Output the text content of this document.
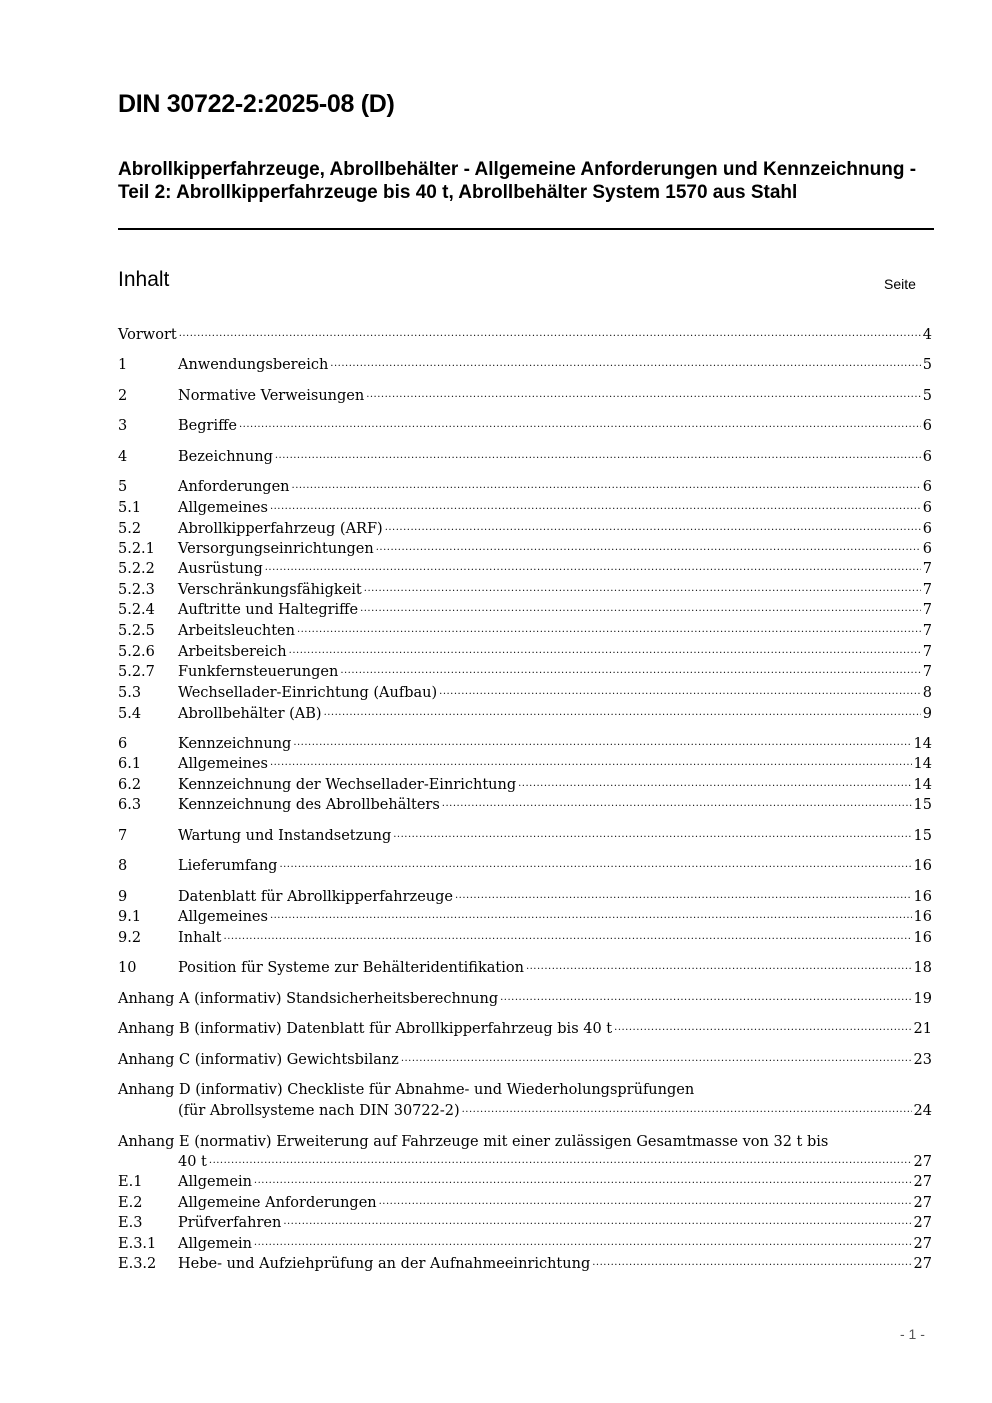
DIN 30722-2:2025-08 (D)
Abrollkipperfahrzeuge, Abrollbehälter - Allgemeine Anforderungen und Kennzeichnung - Teil 2: Abrollkipperfahrzeuge bis 40 t, Abrollbehälter System 1570 aus Stahl
Inhalt	Seite
Vorwort .....	4
1	Anwendungsbereich .....	5
2	Normative Verweisungen .....	5
3	Begriffe .....	6
4	Bezeichnung .....	6
5	Anforderungen .....	6
5.1	Allgemeines .....	6
5.2	Abrollkipperfahrzeug (ARF) .....	6
5.2.1 Versorgungseinrichtungen .....	6
5.2.2 Ausrüstung .....	7
5.2.3 Verschränkungsfähigkeit .....	7
5.2.4 Auftritte und Haltegriffe .....	7
5.2.5 Arbeitsleuchten .....	7
5.2.6 Arbeitsbereich .....	7
5.2.7 Funkfernsteuerungen .....	7
5.3	Wechsellader-Einrichtung (Aufbau) .....	8
5.4	Abrollbehälter (AB) .....	9
6	Kennzeichnung .....	14
6.1	Allgemeines .....	14
6.2	Kennzeichnung der Wechsellader-Einrichtung .....	14
6.3	Kennzeichnung des Abrollbehälters .....	15
7	Wartung und Instandsetzung .....	15
8	Lieferumfang .....	16
9	Datenblatt für Abrollkipperfahrzeuge .....	16
9.1	Allgemeines .....	16
9.2	Inhalt .....	16
10	Position für Systeme zur Behälteridentifikation .....	18
Anhang A (informativ) Standsicherheitsberechnung .....	19
Anhang B (informativ) Datenblatt für Abrollkipperfahrzeug bis 40 t .....	21
Anhang C (informativ) Gewichtsbilanz .....	23
Anhang D (informativ) Checkliste für Abnahme- und Wiederholungsprüfungen
(für Abrollsysteme nach DIN 30722-2) .....	24
Anhang E (normativ) Erweiterung auf Fahrzeuge mit einer zulässigen Gesamtmasse von 32 t bis
40 t .....	27
E.1 Allgemein .....	27
E.2 Allgemeine Anforderungen .....	27
E.3 Prüfverfahren .....	27
E.3.1 Allgemein .....	27
E.3.2 Hebe- und Aufziehprüfung an der Aufnahmeeinrichtung .....	27
- 1 -
